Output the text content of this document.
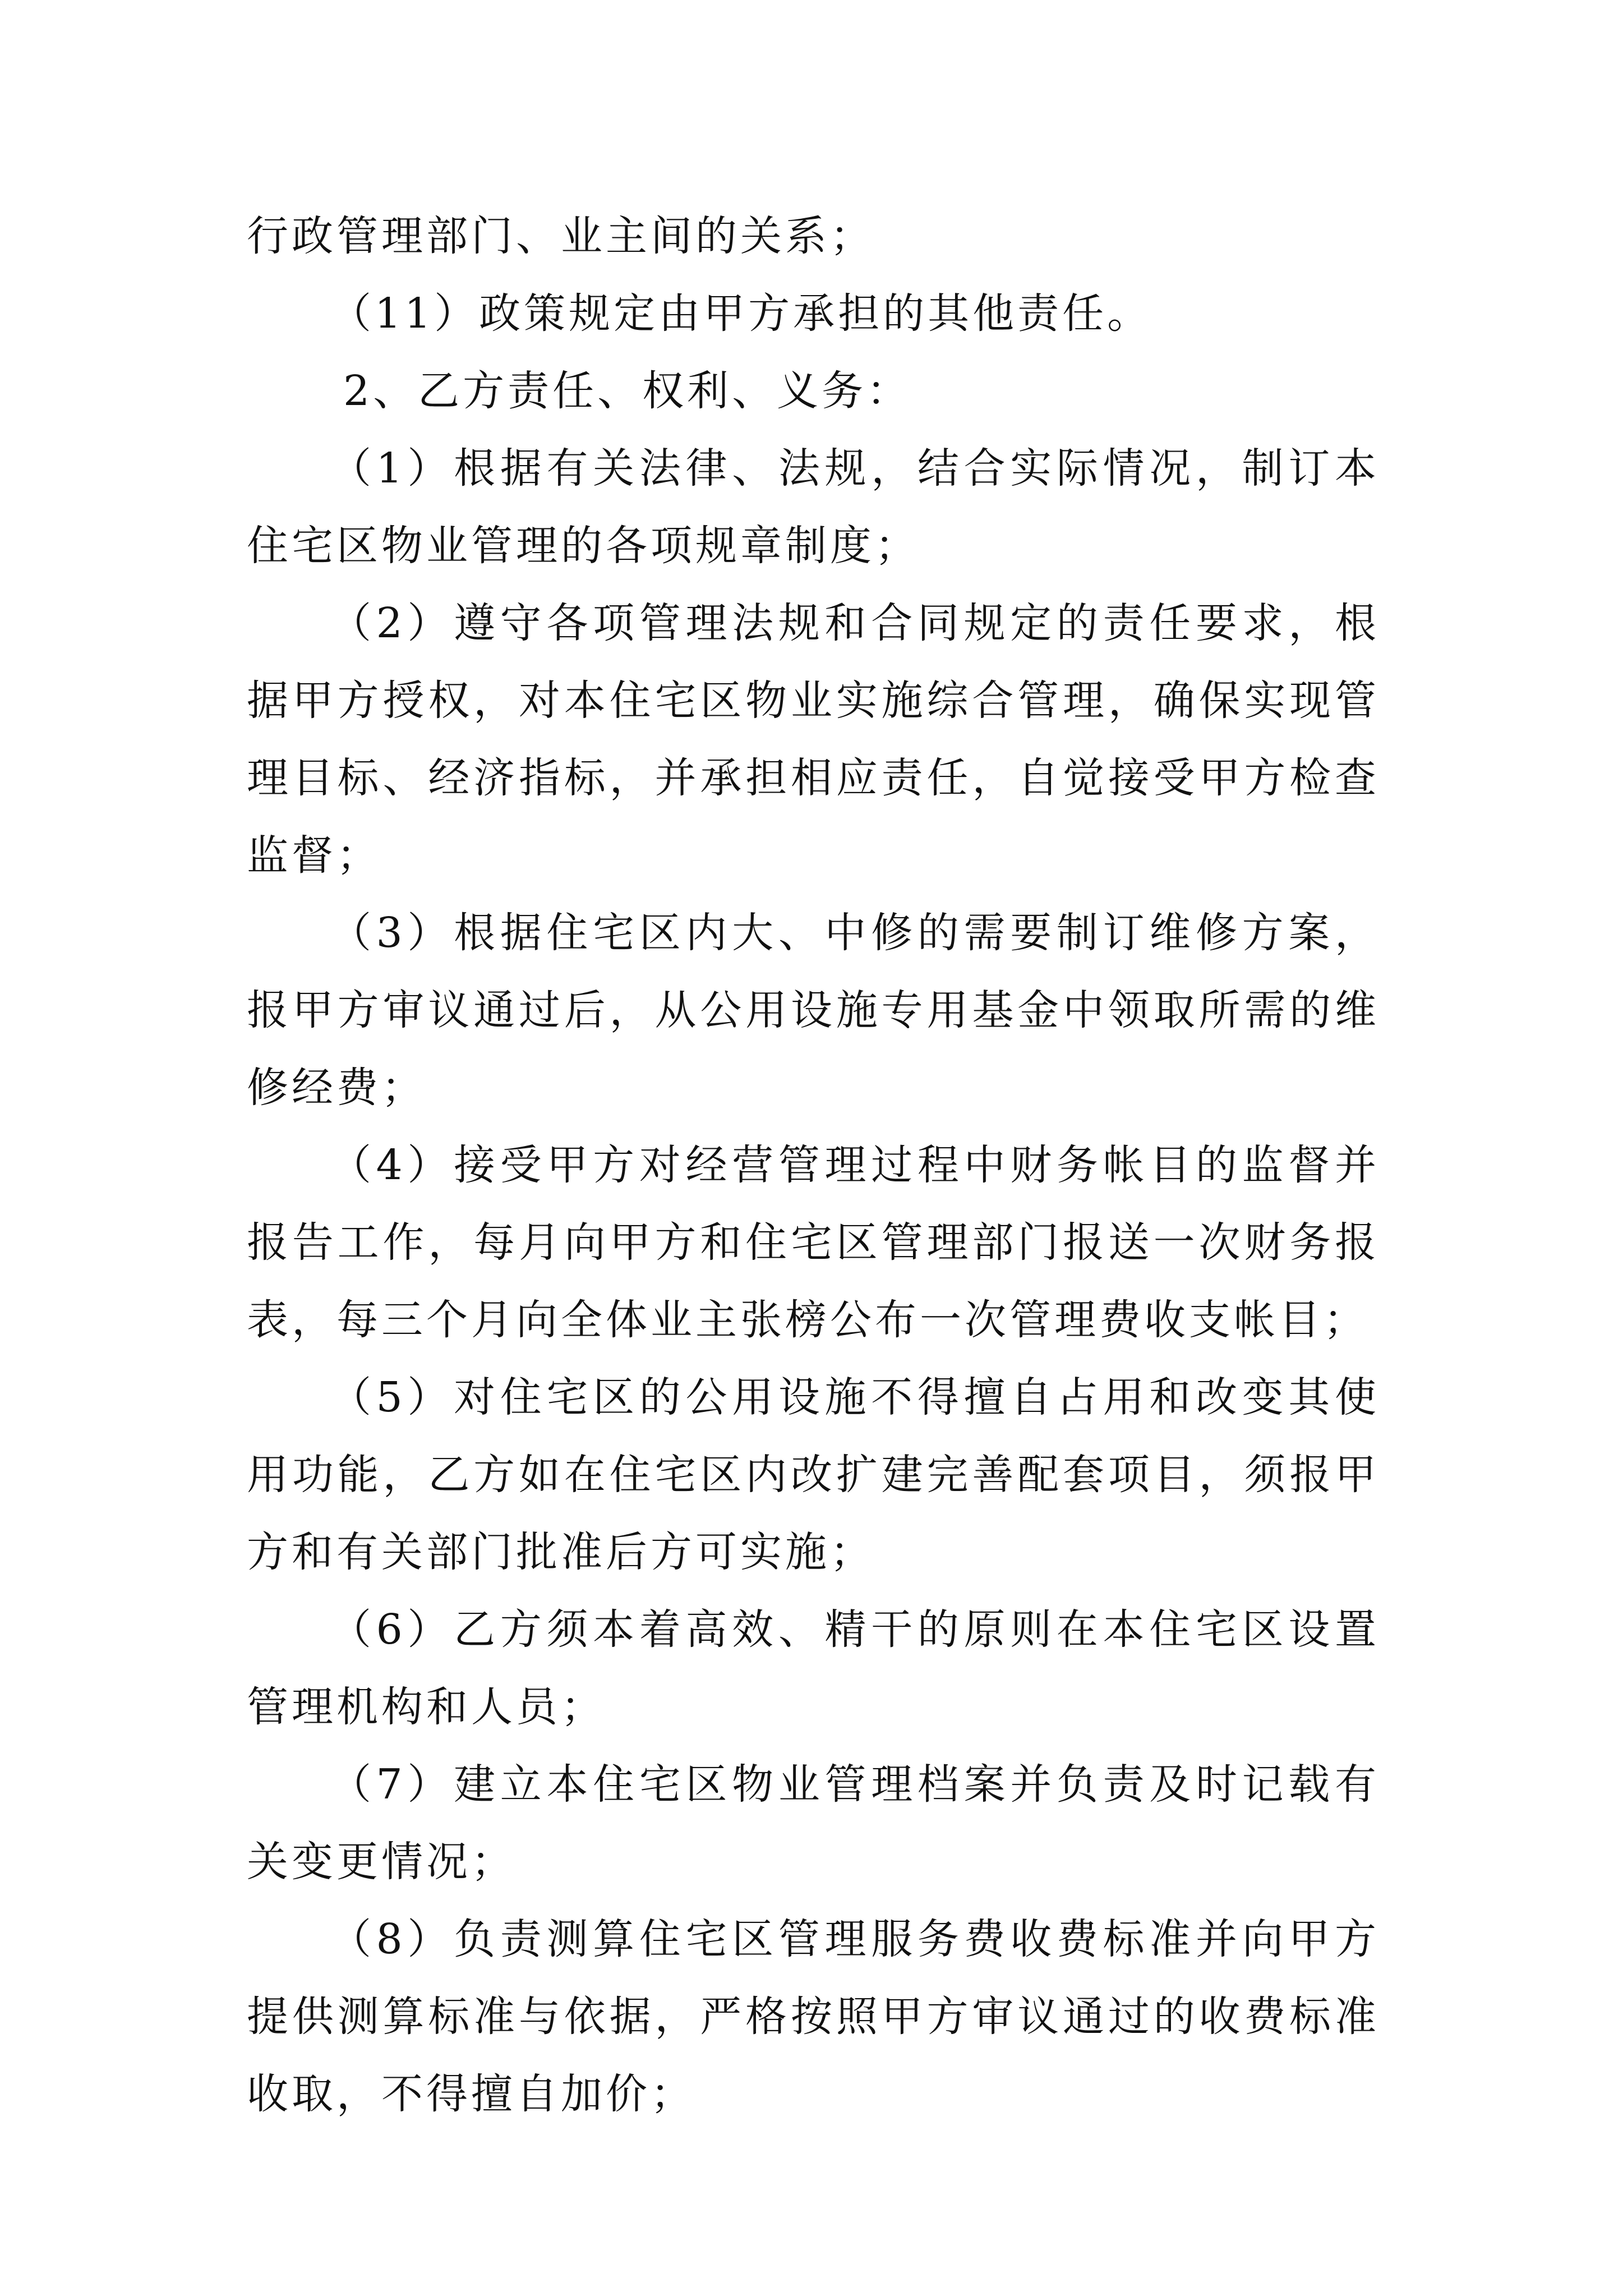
行政管理部门、业主间的关系；

（11）政策规定由甲方承担的其他责任。

2、乙方责任、权利、义务：

（1）根据有关法律、法规，结合实际情况，制订本住宅区物业管理的各项规章制度；

（2）遵守各项管理法规和合同规定的责任要求，根据甲方授权，对本住宅区物业实施综合管理，确保实现管理目标、经济指标，并承担相应责任，自觉接受甲方检查监督；

（3）根据住宅区内大、中修的需要制订维修方案，报甲方审议通过后，从公用设施专用基金中领取所需的维修经费；

（4）接受甲方对经营管理过程中财务帐目的监督并报告工作，每月向甲方和住宅区管理部门报送一次财务报表，每三个月向全体业主张榜公布一次管理费收支帐目；

（5）对住宅区的公用设施不得擅自占用和改变其使用功能，乙方如在住宅区内改扩建完善配套项目，须报甲方和有关部门批准后方可实施；

（6）乙方须本着高效、精干的原则在本住宅区设置管理机构和人员；

（7）建立本住宅区物业管理档案并负责及时记载有关变更情况；

（8）负责测算住宅区管理服务费收费标准并向甲方提供测算标准与依据，严格按照甲方审议通过的收费标准收取，不得擅自加价；
